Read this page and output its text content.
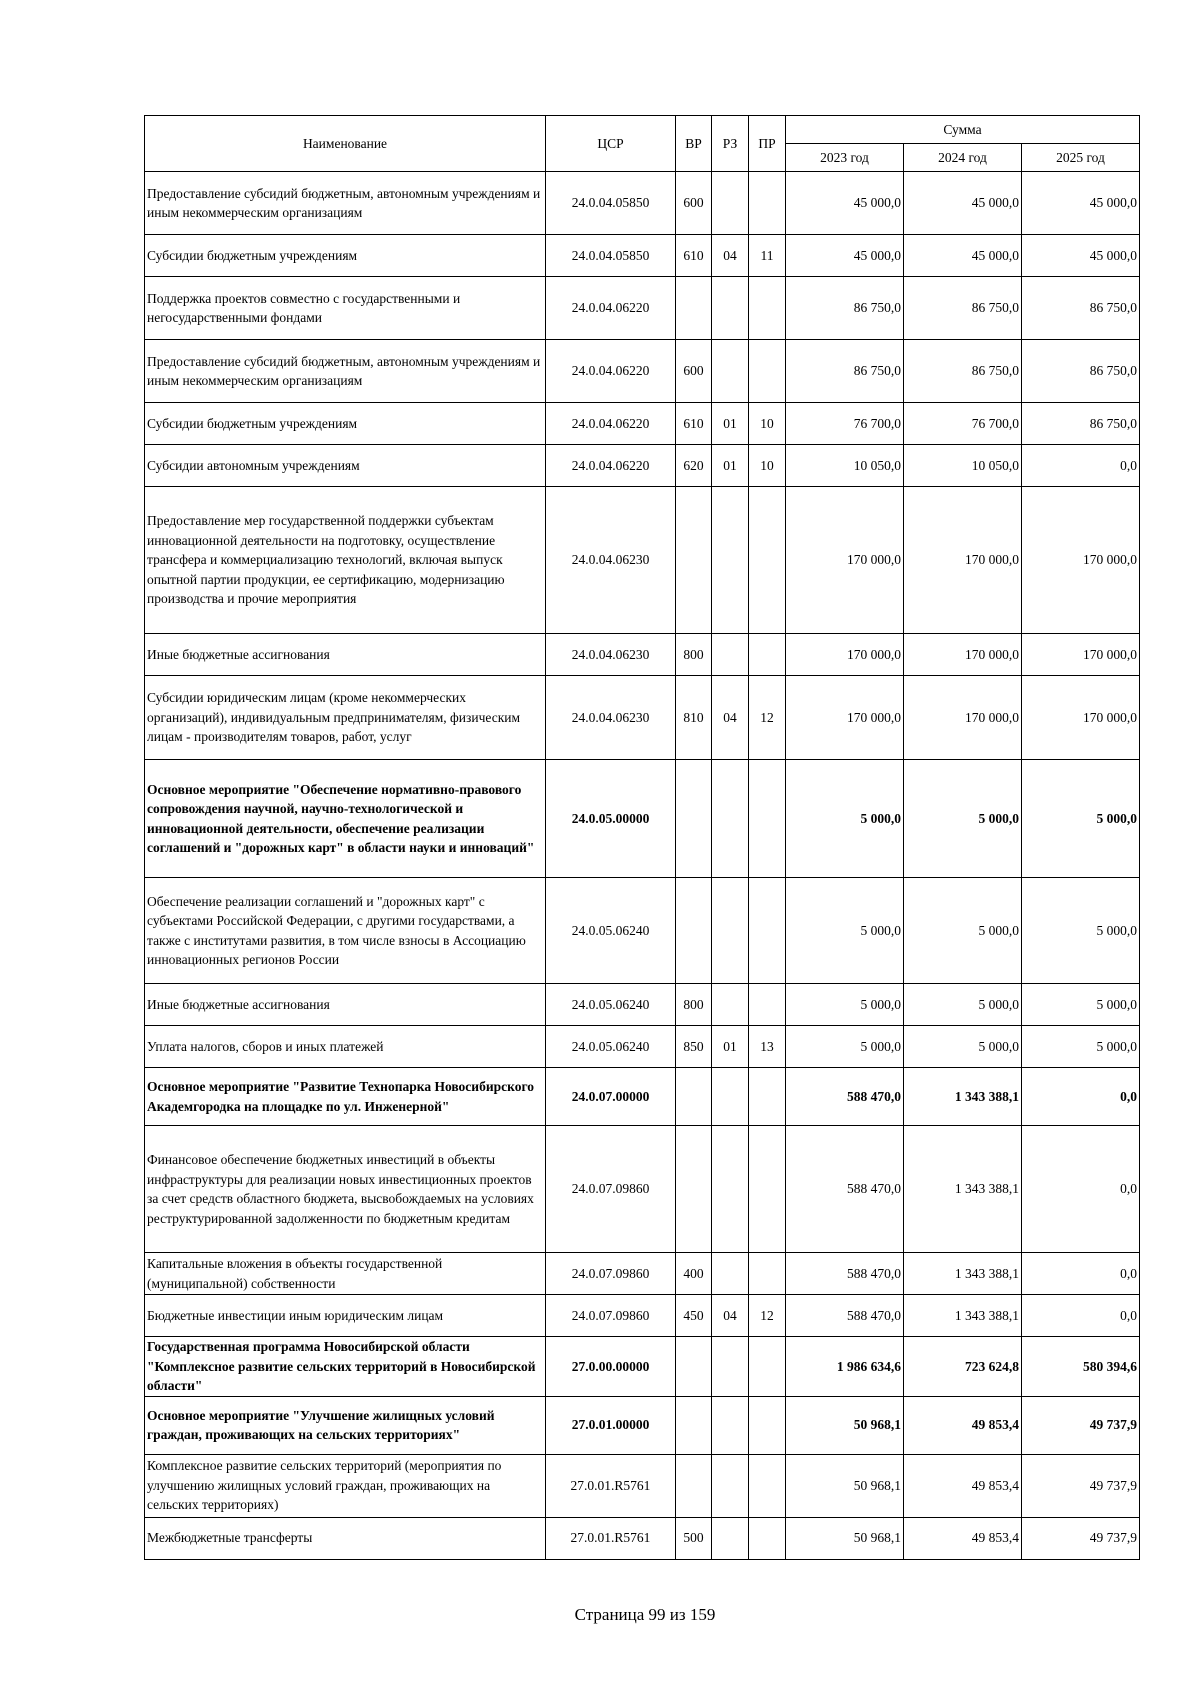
Наименование	ЦСР	ВР	РЗ	ПР	Сумма		
					2023 год	2024 год	2025 год
Предоставление субсидий бюджетным, автономным учреждениям и иным некоммерческим организациям	24.0.04.05850	600			45 000,0	45 000,0	45 000,0
Субсидии бюджетным учреждениям	24.0.04.05850	610	04	11	45 000,0	45 000,0	45 000,0
Поддержка проектов совместно с государственными и негосударственными фондами	24.0.04.06220				86 750,0	86 750,0	86 750,0
Предоставление субсидий бюджетным, автономным учреждениям и иным некоммерческим организациям	24.0.04.06220	600			86 750,0	86 750,0	86 750,0
Субсидии бюджетным учреждениям	24.0.04.06220	610	01	10	76 700,0	76 700,0	86 750,0
Субсидии автономным учреждениям	24.0.04.06220	620	01	10	10 050,0	10 050,0	0,0
Предоставление мер государственной поддержки субъектам инновационной деятельности на подготовку, осуществление трансфера и коммерциализацию технологий, включая выпуск опытной партии продукции, ее сертификацию, модернизацию производства и прочие мероприятия	24.0.04.06230				170 000,0	170 000,0	170 000,0
Иные бюджетные ассигнования	24.0.04.06230	800			170 000,0	170 000,0	170 000,0
Субсидии юридическим лицам (кроме некоммерческих организаций), индивидуальным предпринимателям, физическим лицам - производителям товаров, работ, услуг	24.0.04.06230	810	04	12	170 000,0	170 000,0	170 000,0
Основное мероприятие "Обеспечение нормативно-правового сопровождения научной, научно-технологической и инновационной деятельности, обеспечение реализации соглашений и "дорожных карт" в области науки и инноваций"	24.0.05.00000				5 000,0	5 000,0	5 000,0
Обеспечение реализации соглашений и "дорожных карт" с субъектами Российской Федерации, с другими государствами, а также с институтами развития, в том числе взносы в Ассоциацию инновационных регионов России	24.0.05.06240				5 000,0	5 000,0	5 000,0
Иные бюджетные ассигнования	24.0.05.06240	800			5 000,0	5 000,0	5 000,0
Уплата налогов, сборов и иных платежей	24.0.05.06240	850	01	13	5 000,0	5 000,0	5 000,0
Основное мероприятие "Развитие Технопарка Новосибирского Академгородка на площадке по ул. Инженерной"	24.0.07.00000				588 470,0	1 343 388,1	0,0
Финансовое обеспечение бюджетных инвестиций в объекты инфраструктуры для реализации новых инвестиционных проектов за счет средств областного бюджета, высвобождаемых на условиях реструктурированной задолженности по бюджетным кредитам	24.0.07.09860				588 470,0	1 343 388,1	0,0
Капитальные вложения в объекты государственной (муниципальной) собственности	24.0.07.09860	400			588 470,0	1 343 388,1	0,0
Бюджетные инвестиции иным юридическим лицам	24.0.07.09860	450	04	12	588 470,0	1 343 388,1	0,0
Государственная программа Новосибирской области "Комплексное развитие сельских территорий в Новосибирской области"	27.0.00.00000				1 986 634,6	723 624,8	580 394,6
Основное мероприятие "Улучшение жилищных условий граждан, проживающих на сельских территориях"	27.0.01.00000				50 968,1	49 853,4	49 737,9
Комплексное развитие сельских территорий (мероприятия по улучшению жилищных условий граждан, проживающих на сельских территориях)	27.0.01.R5761				50 968,1	49 853,4	49 737,9
Межбюджетные трансферты	27.0.01.R5761	500			50 968,1	49 853,4	49 737,9
Страница 99 из 159
